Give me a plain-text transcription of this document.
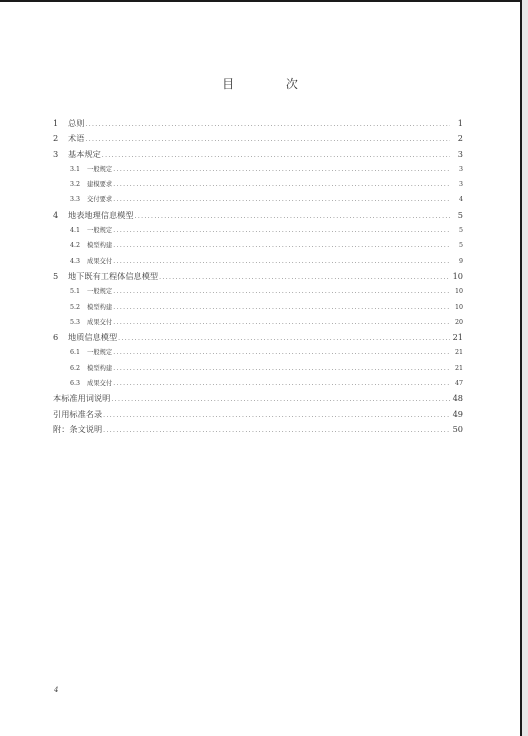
目 次
1	总则 .....	1
2	术语 .....	2
3	基本规定 .....	3
3.1 一般规定 .....	3
3.2 建模要求 .....	3
3.3 交付要求 .....	4
4	地表地理信息模型 .....	5
4.1 一般规定 .....	5
4.2 模型构建 .....	5
4.3 成果交付 .....	9
5	地下既有工程体信息模型 .....	10
5.1 一般规定 .....	10
5.2 模型构建 .....	10
5.3 成果交付 .....	20
6	地质信息模型 .....	21
6.1 一般规定 .....	21
6.2 模型构建 .....	21
6.3 成果交付 .....	47
本标准用词说明 .....	48
引用标准名录 .....	49
附：条文说明 .....	50
4
